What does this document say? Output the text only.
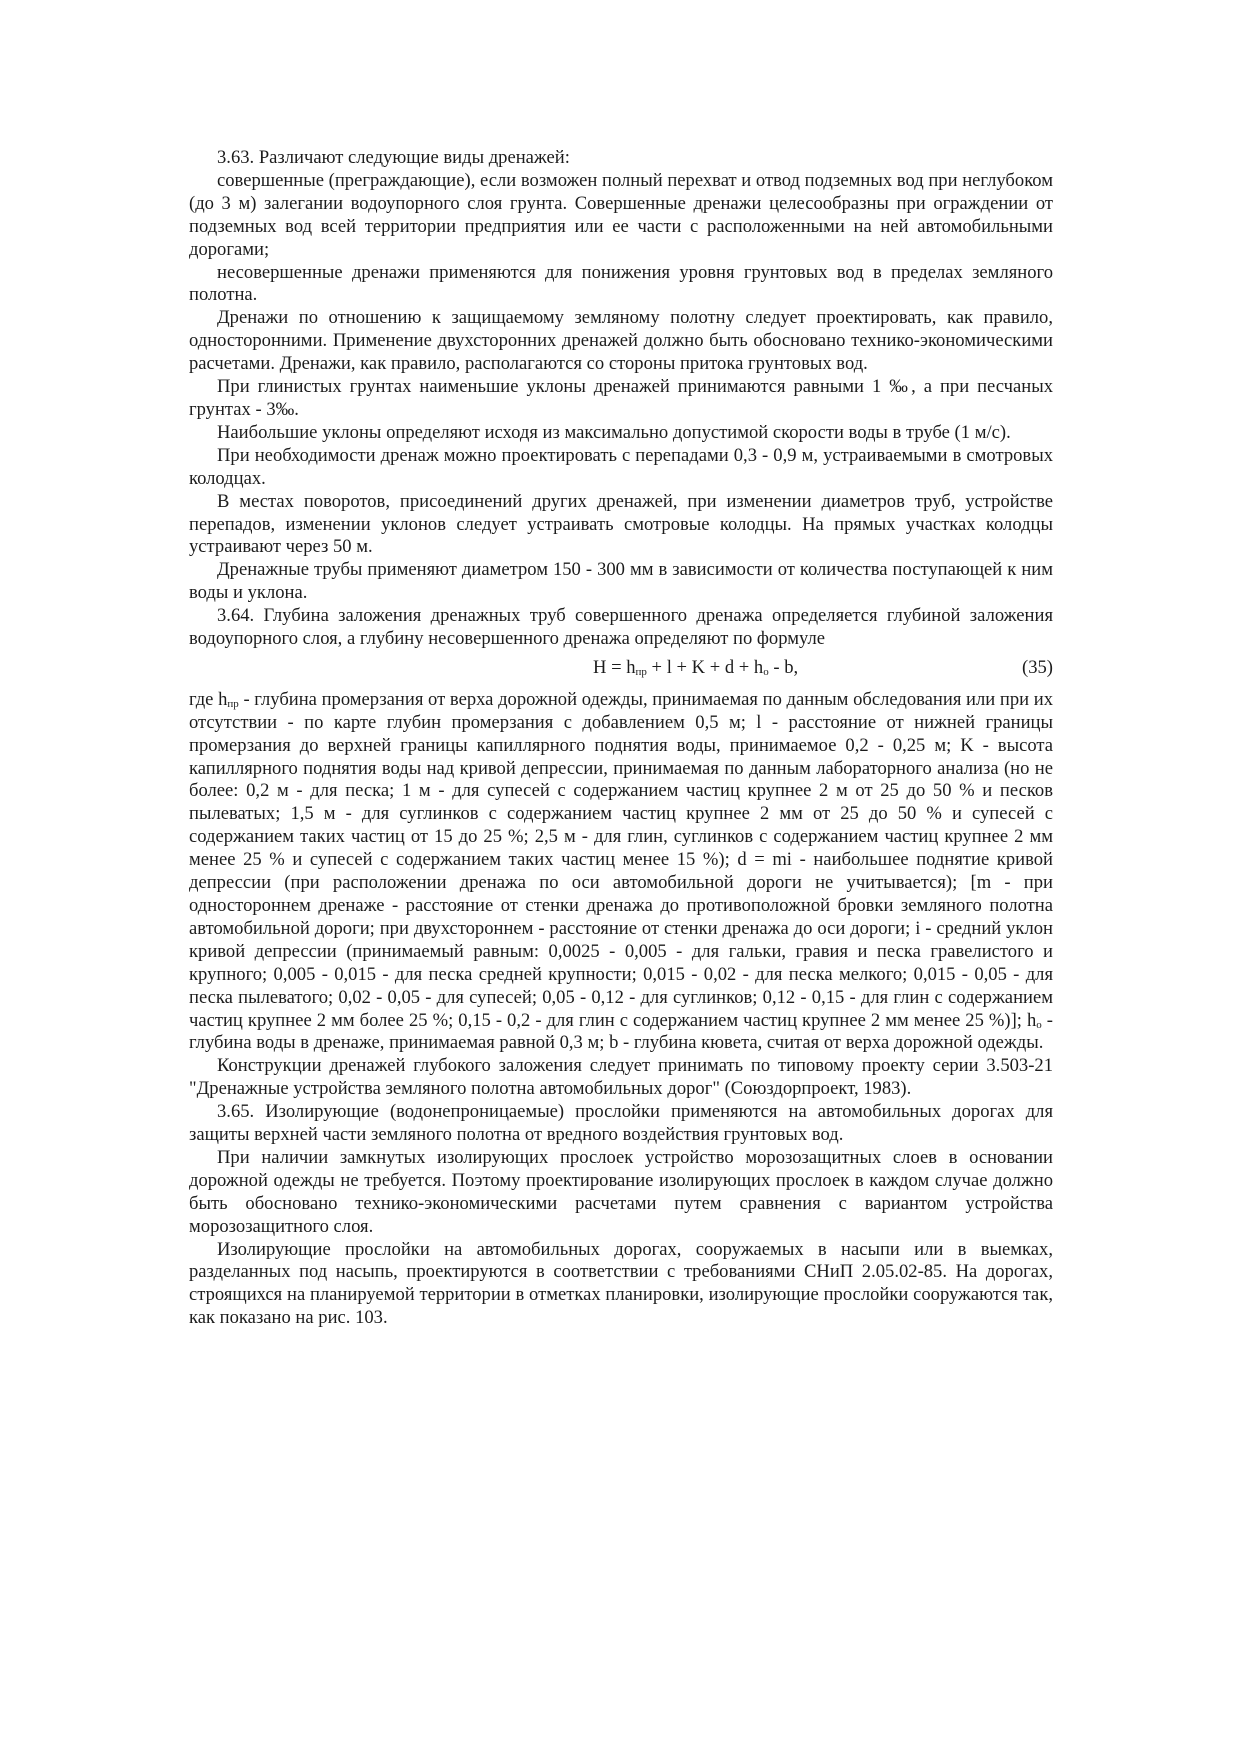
3.63. Различают следующие виды дренажей:

совершенные (преграждающие), если возможен полный перехват и отвод подземных вод при неглубоком (до 3 м) залегании водоупорного слоя грунта. Совершенные дренажи целесообразны при ограждении от подземных вод всей территории предприятия или ее части с расположенными на ней автомобильными дорогами;

несовершенные дренажи применяются для понижения уровня грунтовых вод в пределах земляного полотна.

Дренажи по отношению к защищаемому земляному полотну следует проектировать, как правило, односторонними. Применение двухсторонних дренажей должно быть обосновано технико-экономическими расчетами. Дренажи, как правило, располагаются со стороны притока грунтовых вод.

При глинистых грунтах наименьшие уклоны дренажей принимаются равными 1 ‰, а при песчаных грунтах - 3‰.

Наибольшие уклоны определяют исходя из максимально допустимой скорости воды в трубе (1 м/с).

При необходимости дренаж можно проектировать с перепадами 0,3 - 0,9 м, устраиваемыми в смотровых колодцах.

В местах поворотов, присоединений других дренажей, при изменении диаметров труб, устройстве перепадов, изменении уклонов следует устраивать смотровые колодцы. На прямых участках колодцы устраивают через 50 м.

Дренажные трубы применяют диаметром 150 - 300 мм в зависимости от количества поступающей к ним воды и уклона.

3.64. Глубина заложения дренажных труб совершенного дренажа определяется глубиной заложения водоупорного слоя, а глубину несовершенного дренажа определяют по формуле

$H = h_{пр} + l + K + d + h_o - b$,	(35)

где $h_{пр}$ - глубина промерзания от верха дорожной одежды, принимаемая по данным обследования или при их отсутствии - по карте глубин промерзания с добавлением 0,5 м; l - расстояние от нижней границы промерзания до верхней границы капиллярного поднятия воды, принимаемое 0,2 - 0,25 м; K - высота капиллярного поднятия воды над кривой депрессии, принимаемая по данным лабораторного анализа (но не более: 0,2 м - для песка; 1 м - для супесей с содержанием частиц крупнее 2 м от 25 до 50 % и песков пылеватых; 1,5 м - для суглинков с содержанием частиц крупнее 2 мм от 25 до 50 % и супесей с содержанием таких частиц от 15 до 25 %; 2,5 м - для глин, суглинков с содержанием частиц крупнее 2 мм менее 25 % и супесей с содержанием таких частиц менее 15 %); d = mi - наибольшее поднятие кривой депрессии (при расположении дренажа по оси автомобильной дороги не учитывается); [m - при одностороннем дренаже - расстояние от стенки дренажа до противоположной бровки земляного полотна автомобильной дороги; при двухстороннем - расстояние от стенки дренажа до оси дороги; i - средний уклон кривой депрессии (принимаемый равным: 0,0025 - 0,005 - для гальки, гравия и песка гравелистого и крупного; 0,005 - 0,015 - для песка средней крупности; 0,015 - 0,02 - для песка мелкого; 0,015 - 0,05 - для песка пылеватого; 0,02 - 0,05 - для супесей; 0,05 - 0,12 - для суглинков; 0,12 - 0,15 - для глин с содержанием частиц крупнее 2 мм более 25 %; 0,15 - 0,2 - для глин с содержанием частиц крупнее 2 мм менее 25 %)]; $h_o$ - глубина воды в дренаже, принимаемая равной 0,3 м; b - глубина кювета, считая от верха дорожной одежды.

Конструкции дренажей глубокого заложения следует принимать по типовому проекту серии 3.503-21 "Дренажные устройства земляного полотна автомобильных дорог" (Союздорпроект, 1983).

3.65. Изолирующие (водонепроницаемые) прослойки применяются на автомобильных дорогах для защиты верхней части земляного полотна от вредного воздействия грунтовых вод.

При наличии замкнутых изолирующих прослоек устройство морозозащитных слоев в основании дорожной одежды не требуется. Поэтому проектирование изолирующих прослоек в каждом случае должно быть обосновано технико-экономическими расчетами путем сравнения с вариантом устройства морозозащитного слоя.

Изолирующие прослойки на автомобильных дорогах, сооружаемых в насыпи или в выемках, разделанных под насыпь, проектируются в соответствии с требованиями СНиП 2.05.02-85. На дорогах, строящихся на планируемой территории в отметках планировки, изолирующие прослойки сооружаются так, как показано на рис. 103.
